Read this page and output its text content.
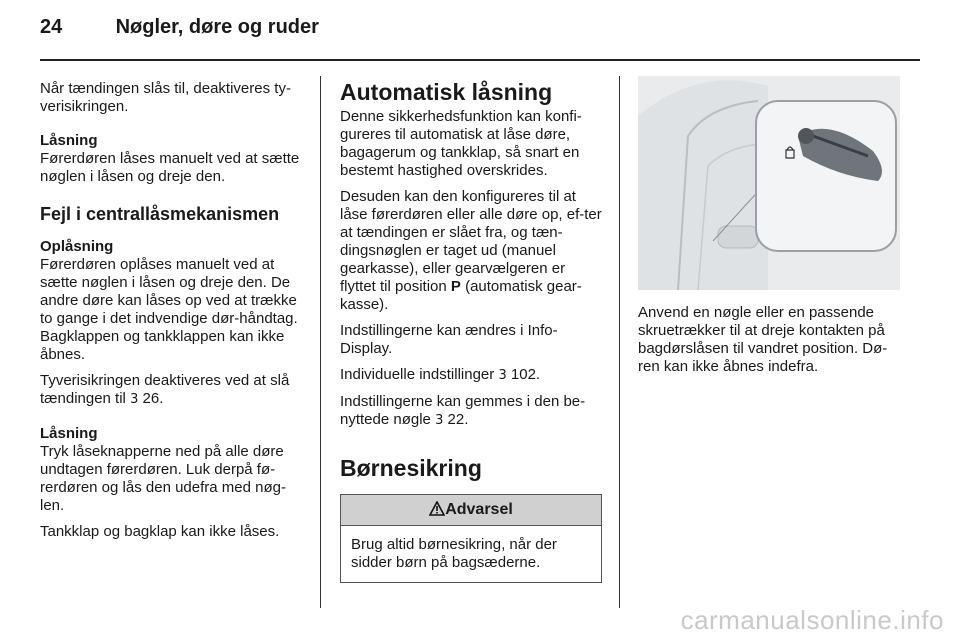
24	Nøgler, døre og ruder

Når tændingen slås til, deaktiveres ty-verisikringen.

Låsning

Førerdøren låses manuelt ved at sætte nøglen i låsen og dreje den.

Fejl i centrallåsmekanismen
Oplåsning

Førerdøren oplåses manuelt ved at sætte nøglen i låsen og dreje den. De andre døre kan låses op ved at trække to gange i det indvendige dør-håndtag. Bagklappen og tankklappen kan ikke åbnes.

Tyverisikringen deaktiveres ved at slå tændingen til 3 26.

Låsning

Tryk låseknapperne ned på alle døre undtagen førerdøren. Luk derpå fø-rerdøren og lås den udefra med nøg-len.

Tankklap og bagklap kan ikke låses.

Automatisk låsning

Denne sikkerhedsfunktion kan konfi-gureres til automatisk at låse døre, bagagerum og tankklap, så snart en bestemt hastighed overskrides.

Desuden kan den konfigureres til at låse førerdøren eller alle døre op, ef-ter at tændingen er slået fra, og tæn-dingsnøglen er taget ud (manuel gearkasse), eller gearvælgeren er flyttet til position P (automatisk gear-kasse).

Indstillingerne kan ændres i Info-Display.

Individuelle indstillinger 3 102.

Indstillingerne kan gemmes i den be-nyttede nøgle 3 22.

Børnesikring
Advarsel
Brug altid børnesikring, når der sidder børn på bagsæderne.

Anvend en nøgle eller en passende skruetrækker til at dreje kontakten på bagdørslåsen til vandret position. Dø-ren kan ikke åbnes indefra.

carmanualsonline.info
